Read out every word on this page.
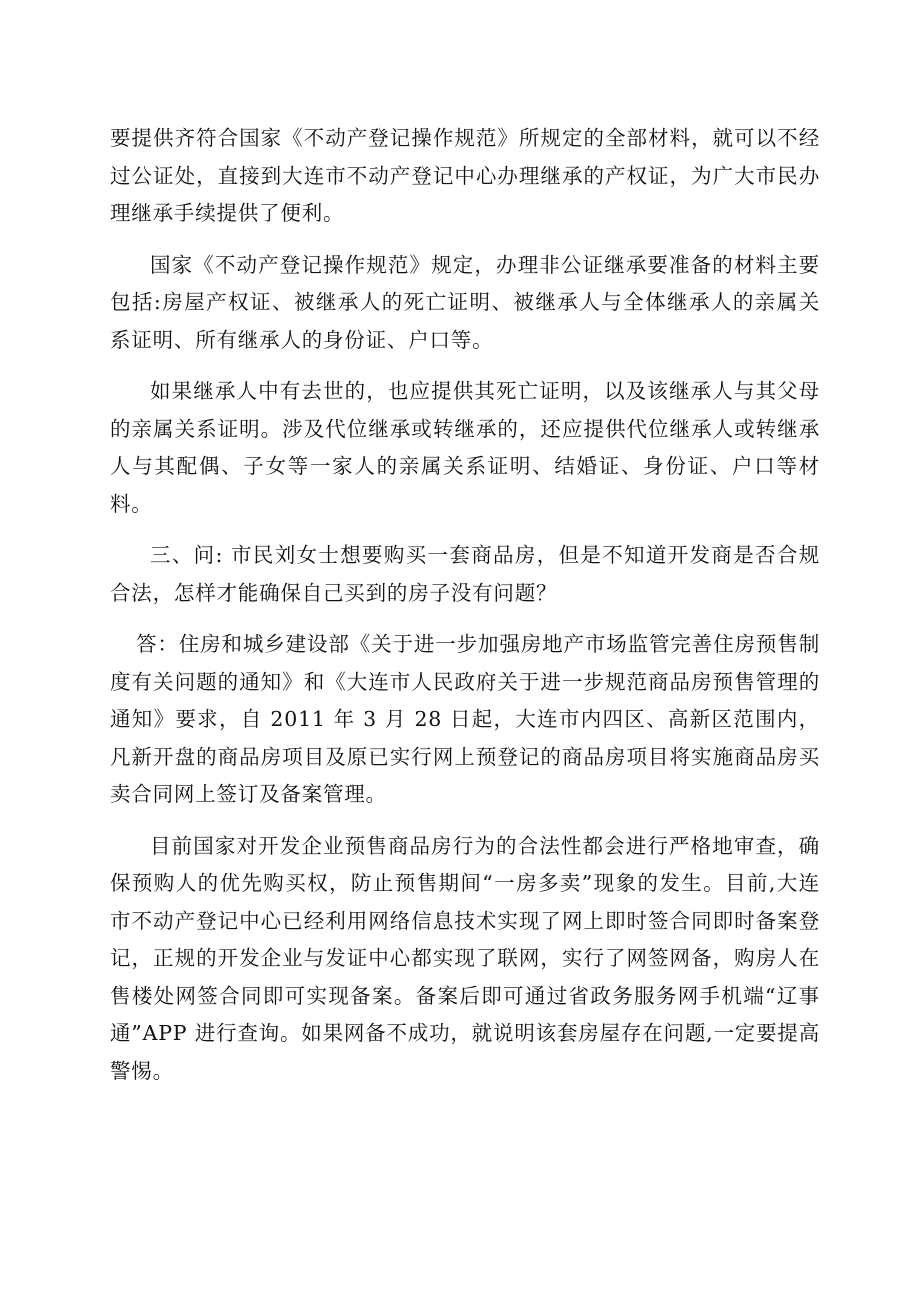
要提供齐符合国家《不动产登记操作规范》所规定的全部材料，就可以不经过公证处，直接到大连市不动产登记中心办理继承的产权证，为广大市民办理继承手续提供了便利。

国家《不动产登记操作规范》规定，办理非公证继承要准备的材料主要包括:房屋产权证、被继承人的死亡证明、被继承人与全体继承人的亲属关系证明、所有继承人的身份证、户口等。

如果继承人中有去世的，也应提供其死亡证明，以及该继承人与其父母的亲属关系证明。涉及代位继承或转继承的，还应提供代位继承人或转继承人与其配偶、子女等一家人的亲属关系证明、结婚证、身份证、户口等材料。

三、问: 市民刘女士想要购买一套商品房，但是不知道开发商是否合规合法，怎样才能确保自己买到的房子没有问题？

答：住房和城乡建设部《关于进一步加强房地产市场监管完善住房预售制度有关问题的通知》和《大连市人民政府关于进一步规范商品房预售管理的通知》要求，自 2011 年 3 月 28 日起，大连市内四区、高新区范围内，凡新开盘的商品房项目及原已实行网上预登记的商品房项目将实施商品房买卖合同网上签订及备案管理。

目前国家对开发企业预售商品房行为的合法性都会进行严格地审查，确保预购人的优先购买权，防止预售期间“一房多卖”现象的发生。目前,大连市不动产登记中心已经利用网络信息技术实现了网上即时签合同即时备案登记，正规的开发企业与发证中心都实现了联网，实行了网签网备，购房人在售楼处网签合同即可实现备案。备案后即可通过省政务服务网手机端“辽事通”APP 进行查询。如果网备不成功，就说明该套房屋存在问题,一定要提高警惕。
